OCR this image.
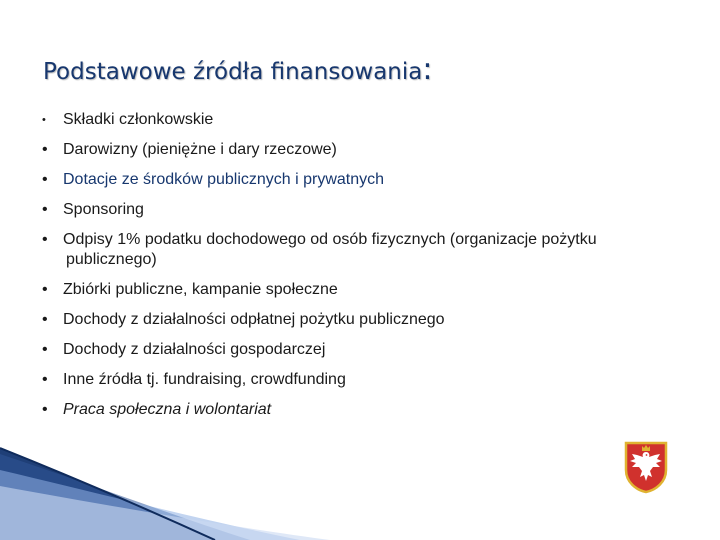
Podstawowe źródła finansowania:
• Składki członkowskie
• Darowizny (pieniężne i dary rzeczowe)
• Dotacje ze środków publicznych i prywatnych
• Sponsoring
• Odpisy 1% podatku dochodowego od osób fizycznych (organizacje pożytku
publicznego)
• Zbiórki publiczne, kampanie społeczne
• Dochody z działalności odpłatnej pożytku publicznego
• Dochody z działalności gospodarczej
• Inne źródła tj. fundraising, crowdfunding
• Praca społeczna i wolontariat
